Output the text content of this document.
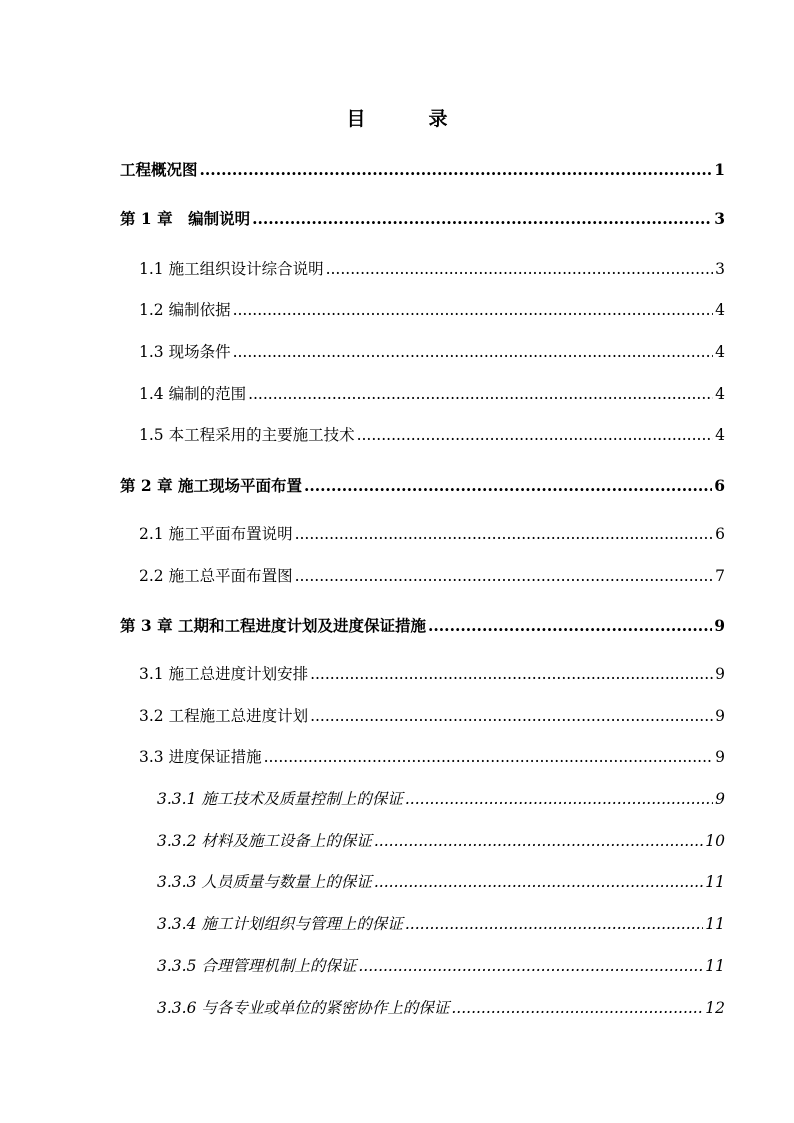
目　录
工程概况图 .....	1
第 1 章　编制说明 .....	3
1.1 施工组织设计综合说明 .....	3
1.2 编制依据 .....	4
1.3 现场条件 .....	4
1.4 编制的范围 .....	4
1.5 本工程采用的主要施工技术 .....	4
第 2 章 施工现场平面布置 .....	6
2.1 施工平面布置说明 .....	6
2.2 施工总平面布置图 .....	7
第 3 章 工期和工程进度计划及进度保证措施 .....	9
3.1 施工总进度计划安排 .....	9
3.2 工程施工总进度计划 .....	9
3.3 进度保证措施 .....	9
3.3.1 施工技术及质量控制上的保证 .....	9
3.3.2 材料及施工设备上的保证 .....	10
3.3.3 人员质量与数量上的保证 .....	11
3.3.4 施工计划组织与管理上的保证 .....	11
3.3.5 合理管理机制上的保证 .....	11
3.3.6 与各专业或单位的紧密协作上的保证 .....	12
